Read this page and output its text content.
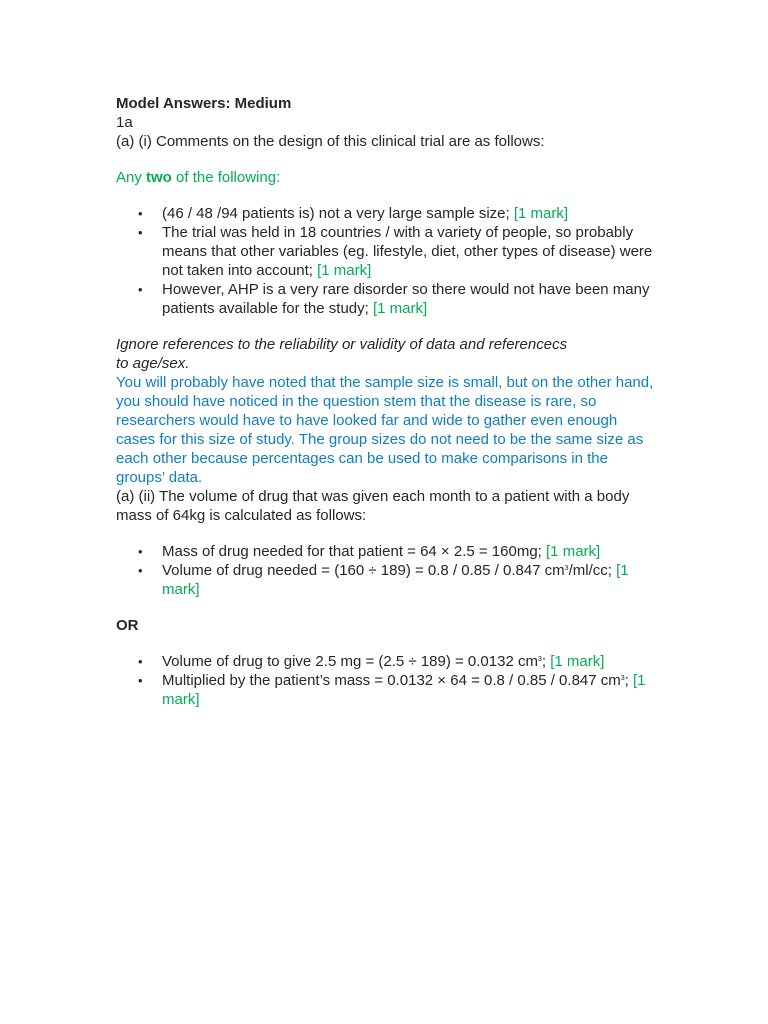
Model Answers: Medium

1a

(a) (i) Comments on the design of this clinical trial are as follows:

Any two of the following:

• (46 / 48 /94 patients is) not a very large sample size; [1 mark]
• The trial was held in 18 countries / with a variety of people, so probably means that other variables (eg. lifestyle, diet, other types of disease) were not taken into account; [1 mark]
• However, AHP is a very rare disorder so there would not have been many patients available for the study; [1 mark]

Ignore references to the reliability or validity of data and referencecs
to age/sex.

You will probably have noted that the sample size is small, but on the other hand, you should have noticed in the question stem that the disease is rare, so researchers would have to have looked far and wide to gather even enough cases for this size of study. The group sizes do not need to be the same size as each other because percentages can be used to make comparisons in the groups’ data.

(a) (ii) The volume of drug that was given each month to a patient with a body mass of 64kg is calculated as follows:

• Mass of drug needed for that patient = 64 × 2.5 = 160mg; [1 mark]
• Volume of drug needed = (160 ÷ 189) = 0.8 / 0.85 / 0.847 $cm^3/ml/cc$; [1 mark]

OR

• Volume of drug to give 2.5 mg = (2.5 ÷ 189) = 0.0132 $cm^3$; [1 mark]
• Multiplied by the patient’s mass = 0.0132 × 64 = 0.8 / 0.85 / 0.847 $cm^3$; [1 mark]
